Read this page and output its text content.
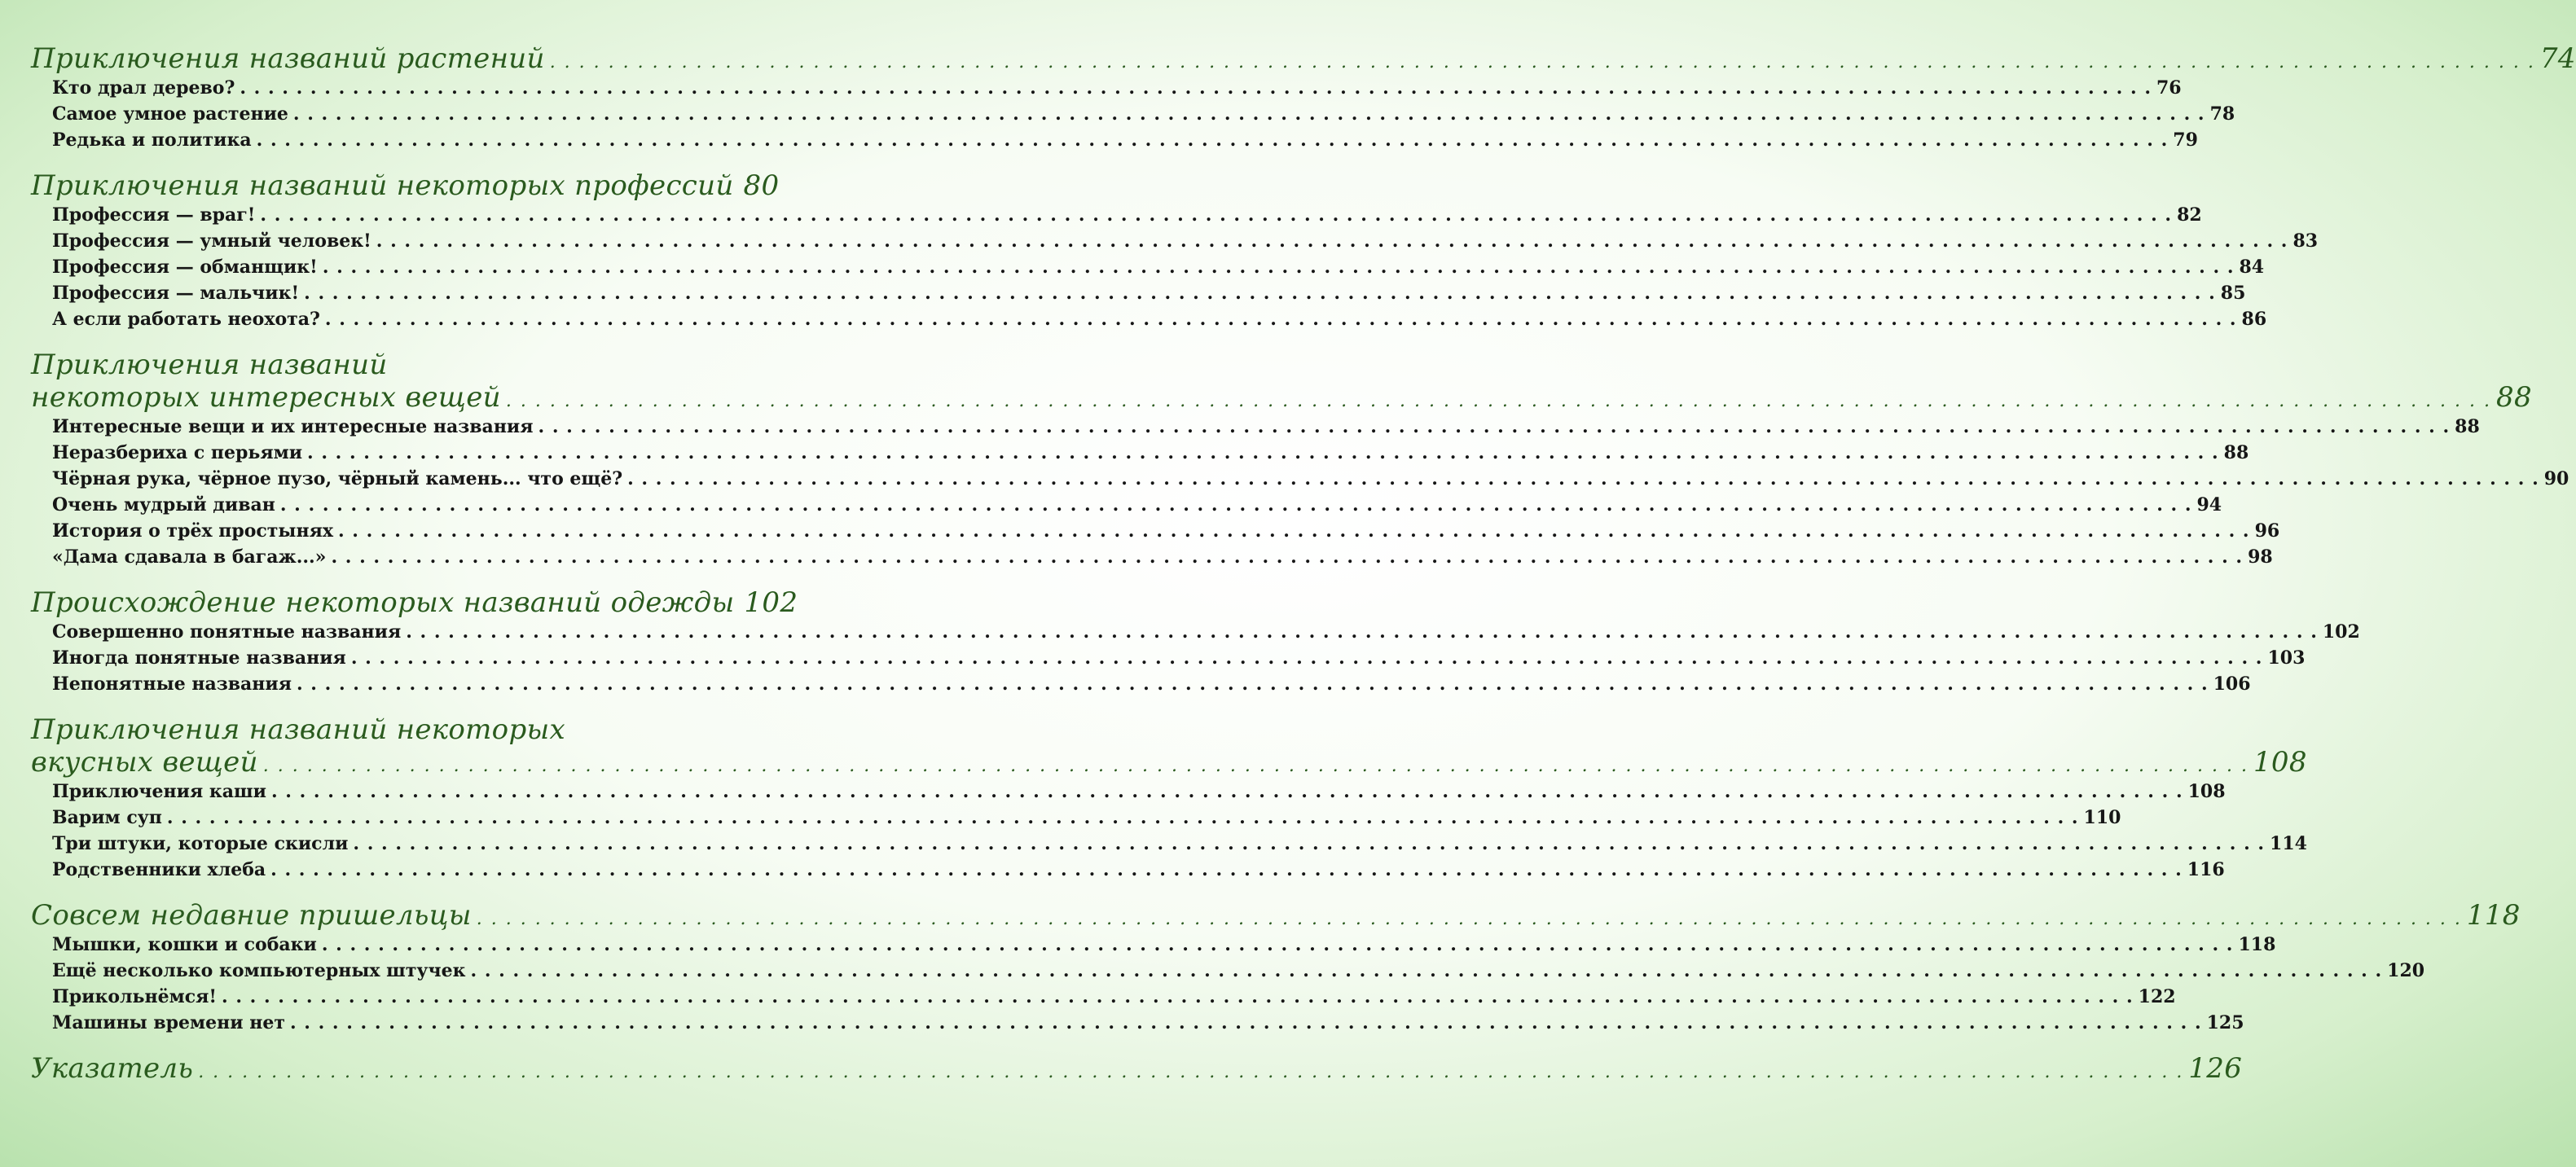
Приключения названий растений . . .	74
Кто драл дерево? . . .	76
Самое умное растение . . .	78
Редька и политика . . .	79
Приключения названий некоторых профессий 80
Профессия — враг! . . .	82
Профессия — умный человек! . . .	83
Профессия — обманщик! . . .	84
Профессия — мальчик! . . .	85
А если работать неохота? . . .	86
Приключения названий
некоторых интересных вещей . . .	88
Интересные вещи и их интересные названия . . .	88
Неразбериха с перьями . . .	88
Чёрная рука, чёрное пузо, чёрный камень... что ещё? . . .	90
Очень мудрый диван . . .	94
История о трёх простынях . . .	96
«Дама сдавала в багаж...» . . .	98
Происхождение некоторых названий одежды 102
Совершенно понятные названия . . .	102
Иногда понятные названия . . .	103
Непонятные названия . . .	106
Приключения названий некоторых
вкусных вещей . . .	108
Приключения каши . . .	108
Варим суп . . .	110
Три штуки, которые скисли . . .	114
Родственники хлеба . . .	116
Совсем недавние пришельцы . . .	118
Мышки, кошки и собаки . . .	118
Ещё несколько компьютерных штучек . . .	120
Прикольнёмся! . . .	122
Машины времени нет . . .	125
Указатель . . .	126
